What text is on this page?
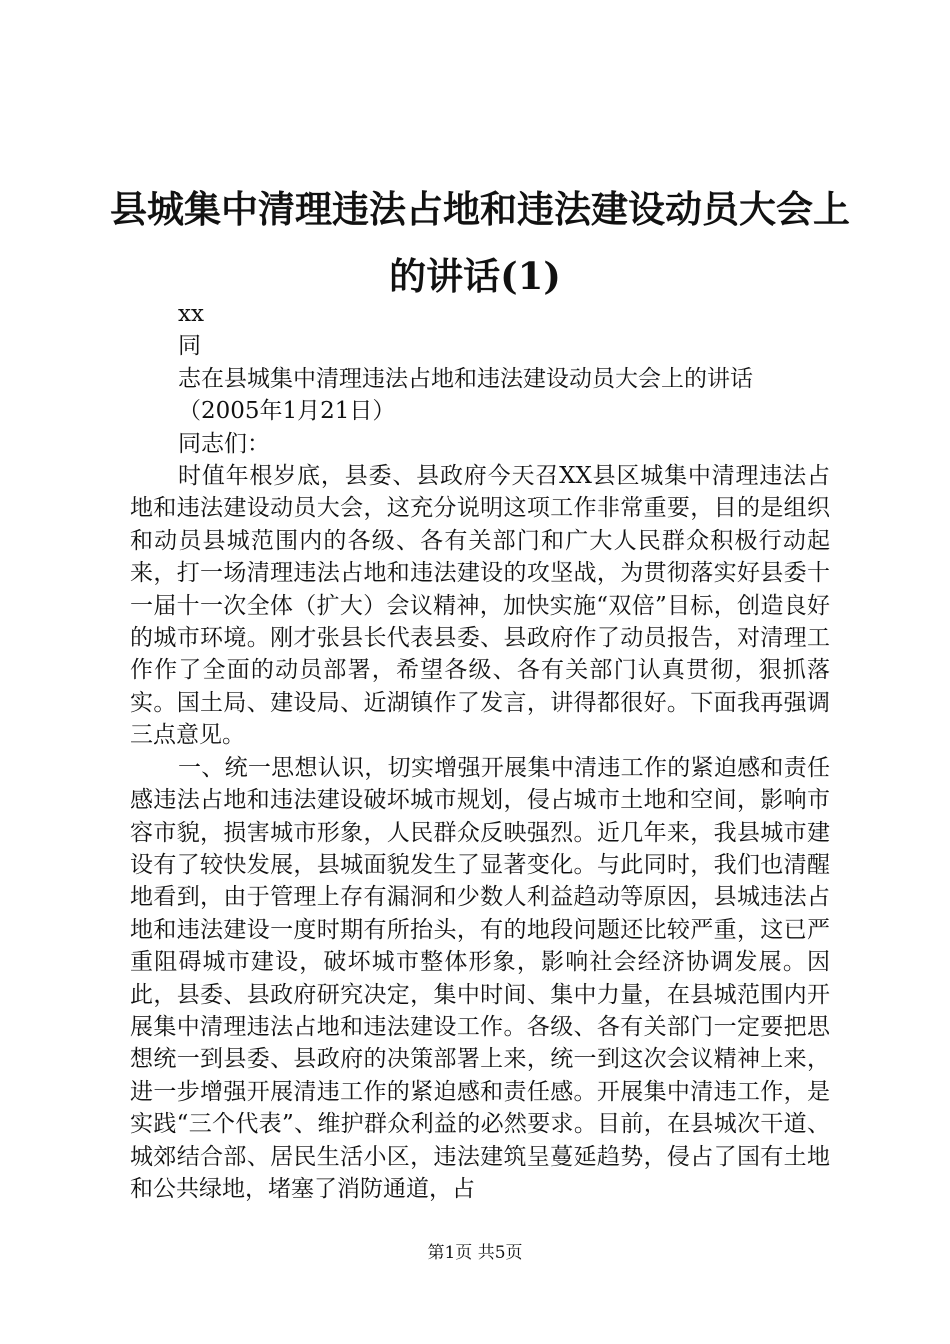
县城集中清理违法占地和违法建设动员大会上
的讲话(1)
xx
同
志在县城集中清理违法占地和违法建设动员大会上的讲话
（2005年1月21日）
同志们：
时值年根岁底，县委、县政府今天召XX县区城集中清理违法占地和违法建设动员大会，这充分说明这项工作非常重要，目的是组织和动员县城范围内的各级、各有关部门和广大人民群众积极行动起来，打一场清理违法占地和违法建设的攻坚战，为贯彻落实好县委十一届十一次全体（扩大）会议精神，加快实施“双倍”目标，创造良好的城市环境。刚才张县长代表县委、县政府作了动员报告，对清理工作作了全面的动员部署，希望各级、各有关部门认真贯彻，狠抓落实。国土局、建设局、近湖镇作了发言，讲得都很好。下面我再强调三点意见。
一、统一思想认识，切实增强开展集中清违工作的紧迫感和责任感违法占地和违法建设破坏城市规划，侵占城市土地和空间，影响市容市貌，损害城市形象，人民群众反映强烈。近几年来，我县城市建设有了较快发展，县城面貌发生了显著变化。与此同时，我们也清醒地看到，由于管理上存有漏洞和少数人利益趋动等原因，县城违法占地和违法建设一度时期有所抬头，有的地段问题还比较严重，这已严重阻碍城市建设，破坏城市整体形象，影响社会经济协调发展。因此，县委、县政府研究决定，集中时间、集中力量，在县城范围内开展集中清理违法占地和违法建设工作。各级、各有关部门一定要把思想统一到县委、县政府的决策部署上来，统一到这次会议精神上来，进一步增强开展清违工作的紧迫感和责任感。开展集中清违工作，是实践“三个代表”、维护群众利益的必然要求。目前，在县城次干道、城郊结合部、居民生活小区，违法建筑呈蔓延趋势，侵占了国有土地和公共绿地，堵塞了消防通道，占
第1页 共5页
